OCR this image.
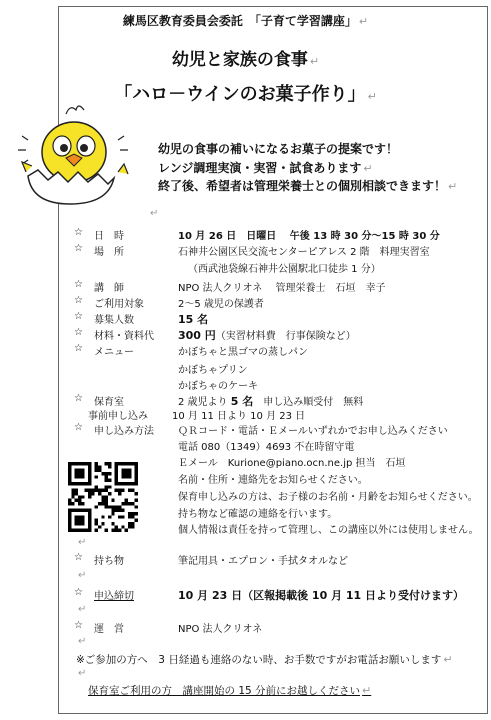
練馬区教育委員会委託　「子育て学習講座」 ↵
幼児と家族の食事 ↵
「ハロ－ウインのお菓子作り」 ↵
幼児の食事の補いになるお菓子の提案です！
レンジ調理実演・実習・試食あります ↵
終了後、希望者は管理栄養士との個別相談できます！ ↵
↵
☆ 日　時	10 月 26 日　日曜日　 午後 13 時 30 分～15 時 30 分
☆ 場　所	石神井公園区民交流センターピアレス 2 階　料理実習室
（西武池袋線石神井公園駅北口徒歩 1 分）
☆ 講　師	NPO 法人クリオネ　 管理栄養士　石垣　幸子
☆ ご利用対象	2～5 歳児の保護者
☆ 募集人数	15 名
☆ 材料・資料代 300 円（実習材料費　行事保険など）
☆ メニュー	かぼちゃと黒ゴマの蒸しパン
かぼちゃプリン
かぼちゃのケーキ
☆ 保育室	2 歳児より 5 名　申し込み順受付　無料
事前申し込み 10 月 11 日より 10 月 23 日
☆ 申し込み方法 ＱＲコード・電話・Ｅメールいずれかでお申し込みください
電話 080（1349）4693 不在時留守電
Ｅメール　Kurione@piano.ocn.ne.jp 担当　石垣
名前・住所・連絡先をお知らせください。
保育申し込みの方は、お子様のお名前・月齢をお知らせください。
持ち物など確認の連絡を行います。
個人情報は責任を持って管理し、この講座以外には使用しません。
↵
☆ 持ち物	筆記用具・エプロン・手拭タオルなど
↵
☆ 申込締切	10 月 23 日（区報掲載後 10 月 11 日より受付けます）
↵
☆ 運　営	NPO 法人クリオネ
↵
※ご参加の方へ　3 日経過も連絡のない時、お手数ですがお電話お願いします ↵
↵
保育室ご利用の方　講座開始の 15 分前にお越しください ↵
